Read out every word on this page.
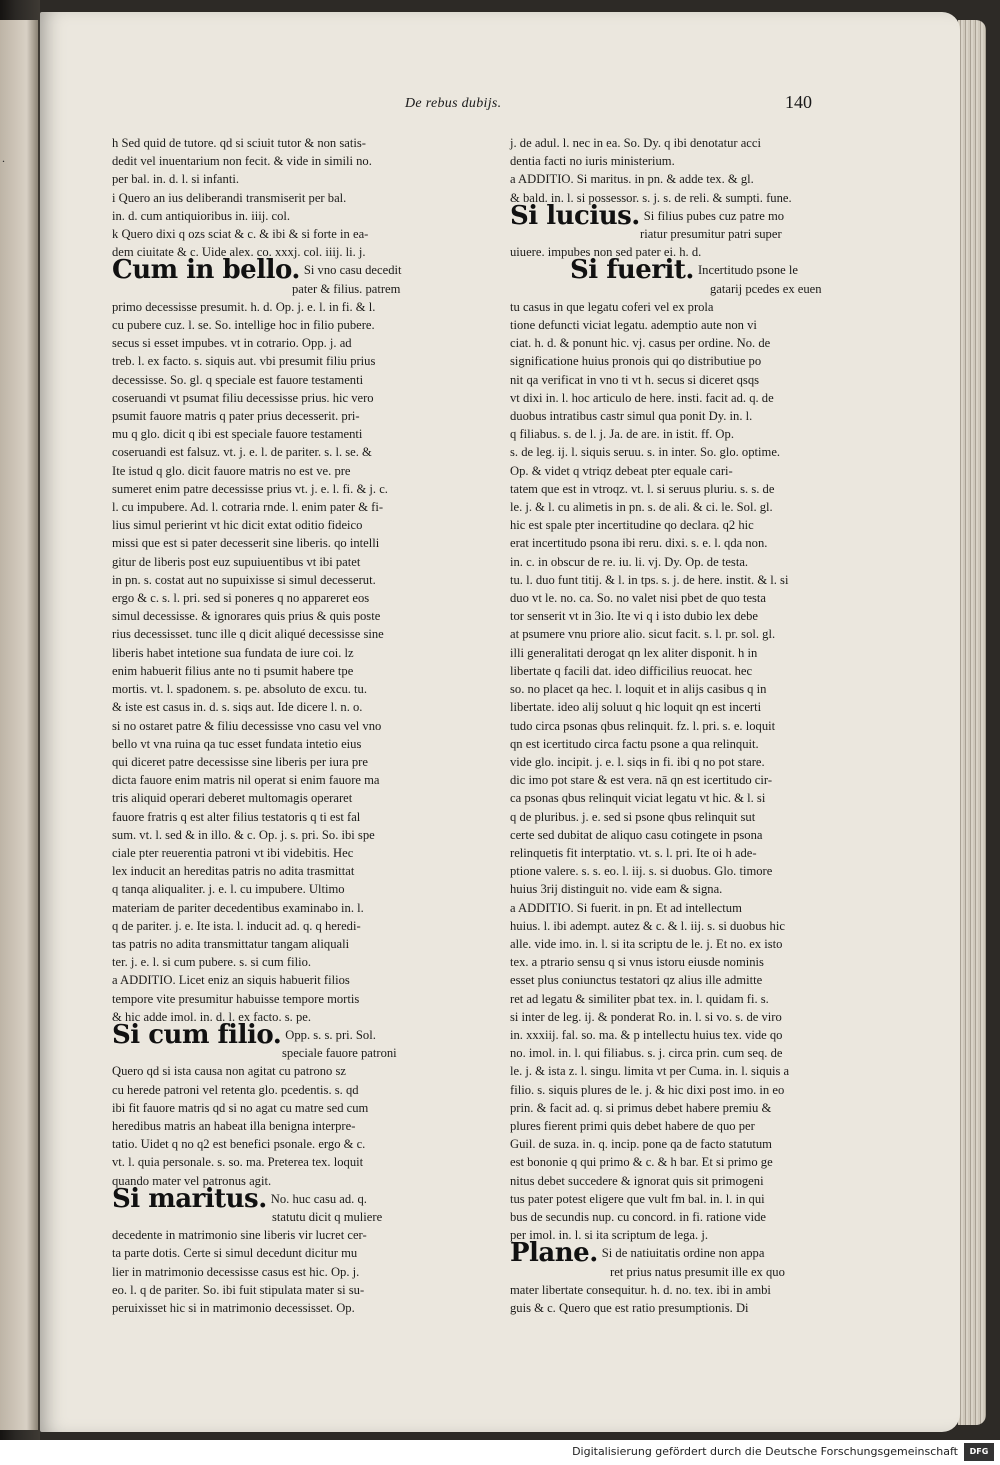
.
De rebus dubijs.	140
h Sed quid de tutore. qd si sciuit tutor & non satis-
dedit vel inuentarium non fecit. & vide in simili no.
per bal. in. d. l. si infanti.
i Quero an ius deliberandi transmiserit per bal.
in. d. cum antiquioribus in. iiij. col.
k Quero dixi q ozs sciat & c. & ibi & si forte in ea-
dem ciuitate & c. Uide alex. co. xxxj. col. iiij. li. j.
Cum in bello. Si vno casu decedit
pater & filius. patrem
primo decessisse presumit. h. d. Op. j. e. l. in fi. & l.
cu pubere cuz. l. se. So. intellige hoc in filio pubere.
secus si esset impubes. vt in cotrario. Opp. j. ad
treb. l. ex facto. s. siquis aut. vbi presumit filiu prius
decessisse. So. gl. q speciale est fauore testamenti
coseruandi vt psumat filiu decessisse prius. hic vero
psumit fauore matris q pater prius decesserit. pri-
mu q glo. dicit q ibi est speciale fauore testamenti
coseruandi est falsuz. vt. j. e. l. de pariter. s. l. se. &
Ite istud q glo. dicit fauore matris no est ve. pre
sumeret enim patre decessisse prius vt. j. e. l. fi. & j. c.
l. cu impubere. Ad. l. cotraria rnde. l. enim pater & fi-
lius simul perierint vt hic dicit extat oditio fideico
missi que est si pater decesserit sine liberis. qo intelli
gitur de liberis post euz supuiuentibus vt ibi patet
in pn. s. costat aut no supuixisse si simul decesserut.
ergo & c. s. l. pri. sed si poneres q no appareret eos
simul decessisse. & ignorares quis prius & quis poste
rius decessisset. tunc ille q dicit aliqué decessisse sine
liberis habet intetione sua fundata de iure coi. lz
enim habuerit filius ante no ti psumit habere tpe
mortis. vt. l. spadonem. s. pe. absoluto de excu. tu.
& iste est casus in. d. s. siqs aut. Ide dicere l. n. o.
si no ostaret patre & filiu decessisse vno casu vel vno
bello vt vna ruina qa tuc esset fundata intetio eius
qui diceret patre decessisse sine liberis per iura pre
dicta fauore enim matris nil operat si enim fauore ma
tris aliquid operari deberet multomagis operaret
fauore fratris q est alter filius testatoris q ti est fal
sum. vt. l. sed & in illo. & c. Op. j. s. pri. So. ibi spe
ciale pter reuerentia patroni vt ibi videbitis. Hec
lex inducit an hereditas patris no adita trasmittat
q tanqa aliqualiter. j. e. l. cu impubere. Ultimo
materiam de pariter decedentibus examinabo in. l.
q de pariter. j. e. Ite ista. l. inducit ad. q. q heredi-
tas patris no adita transmittatur tangam aliquali
ter. j. e. l. si cum pubere. s. si cum filio.
a ADDITIO. Licet eniz an siquis habuerit filios
tempore vite presumitur habuisse tempore mortis
& hic adde imol. in. d. l. ex facto. s. pe.
Si cum filio. Opp. s. s. pri. Sol.
speciale fauore patroni
Quero qd si ista causa non agitat cu patrono sz
cu herede patroni vel retenta glo. pcedentis. s. qd
ibi fit fauore matris qd si no agat cu matre sed cum
heredibus matris an habeat illa benigna interpre-
tatio. Uidet q no q2 est benefici psonale. ergo & c.
vt. l. quia personale. s. so. ma. Preterea tex. loquit
quando mater vel patronus agit.
Si maritus. No. huc casu ad. q.
statutu dicit q muliere
decedente in matrimonio sine liberis vir lucret cer-
ta parte dotis. Certe si simul decedunt dicitur mu
lier in matrimonio decessisse casus est hic. Op. j.
eo. l. q de pariter. So. ibi fuit stipulata mater si su-
peruixisset hic si in matrimonio decessisset. Op.
j. de adul. l. nec in ea. So. Dy. q ibi denotatur acci
dentia facti no iuris ministerium.
a ADDITIO. Si maritus. in pn. & adde tex. & gl.
& bald. in. l. si possessor. s. j. s. de reli. & sumpti. fune.
Si lucius. Si filius pubes cuz patre mo
riatur presumitur patri super
uiuere. impubes non sed pater ei. h. d.
Si fuerit. Incertitudo psone le
gatarij pcedes ex euen
tu casus in que legatu coferi vel ex prola
tione defuncti viciat legatu. ademptio aute non vi
ciat. h. d. & ponunt hic. vj. casus per ordine. No. de
significatione huius pronois qui qo distributiue po
nit qa verificat in vno ti vt h. secus si diceret qsqs
vt dixi in. l. hoc articulo de here. insti. facit ad. q. de
duobus intratibus castr simul qua ponit Dy. in. l.
q filiabus. s. de l. j. Ja. de are. in istit. ff. Op.
s. de leg. ij. l. siquis seruu. s. in inter. So. glo. optime.
Op. & videt q vtriqz debeat pter equale cari-
tatem que est in vtroqz. vt. l. si seruus pluriu. s. s. de
le. j. & l. cu alimetis in pn. s. de ali. & ci. le. Sol. gl.
hic est spale pter incertitudine qo declara. q2 hic
erat incertitudo psona ibi reru. dixi. s. e. l. qda non.
in. c. in obscur de re. iu. li. vj. Dy. Op. de testa.
tu. l. duo funt titij. & l. in tps. s. j. de here. instit. & l. si
duo vt le. no. ca. So. no valet nisi pbet de quo testa
tor senserit vt in 3io. Ite vi q i isto dubio lex debe
at psumere vnu priore alio. sicut facit. s. l. pr. sol. gl.
illi generalitati derogat qn lex aliter disponit. h in
libertate q facili dat. ideo difficilius reuocat. hec
so. no placet qa hec. l. loquit et in alijs casibus q in
libertate. ideo alij soluut q hic loquit qn est incerti
tudo circa psonas qbus relinquit. fz. l. pri. s. e. loquit
qn est icertitudo circa factu psone a qua relinquit.
vide glo. incipit. j. e. l. siqs in fi. ibi q no pot stare.
dic imo pot stare & est vera. nā qn est icertitudo cir-
ca psonas qbus relinquit viciat legatu vt hic. & l. si
q de pluribus. j. e. sed si psone qbus relinquit sut
certe sed dubitat de aliquo casu cotingete in psona
relinquetis fit interptatio. vt. s. l. pri. Ite oi h ade-
ptione valere. s. s. eo. l. iij. s. si duobus. Glo. timore
huius 3rij distinguit no. vide eam & signa.
a ADDITIO. Si fuerit. in pn. Et ad intellectum
huius. l. ibi adempt. autez & c. & l. iij. s. si duobus hic
alle. vide imo. in. l. si ita scriptu de le. j. Et no. ex isto
tex. a ptrario sensu q si vnus istoru eiusde nominis
esset plus coniunctus testatori qz alius ille admitte
ret ad legatu & similiter pbat tex. in. l. quidam fi. s.
si inter de leg. ij. & ponderat Ro. in. l. si vo. s. de viro
in. xxxiij. fal. so. ma. & p intellectu huius tex. vide qo
no. imol. in. l. qui filiabus. s. j. circa prin. cum seq. de
le. j. & ista z. l. singu. limita vt per Cuma. in. l. siquis a
filio. s. siquis plures de le. j. & hic dixi post imo. in eo
prin. & facit ad. q. si primus debet habere premiu &
plures fierent primi quis debet habere de quo per
Guil. de suza. in. q. incip. pone qa de facto statutum
est bononie q qui primo & c. & h bar. Et si primo ge
nitus debet succedere & ignorat quis sit primogeni
tus pater potest eligere que vult fm bal. in. l. in qui
bus de secundis nup. cu concord. in fi. ratione vide
per imol. in. l. si ita scriptum de lega. j.
Plane. Si de natiuitatis ordine non appa
ret prius natus presumit ille ex quo
mater libertate consequitur. h. d. no. tex. ibi in ambi
guis & c. Quero que est ratio presumptionis. Di
Digitalisierung gefördert durch die Deutsche Forschungsgemeinschaft	DFG
